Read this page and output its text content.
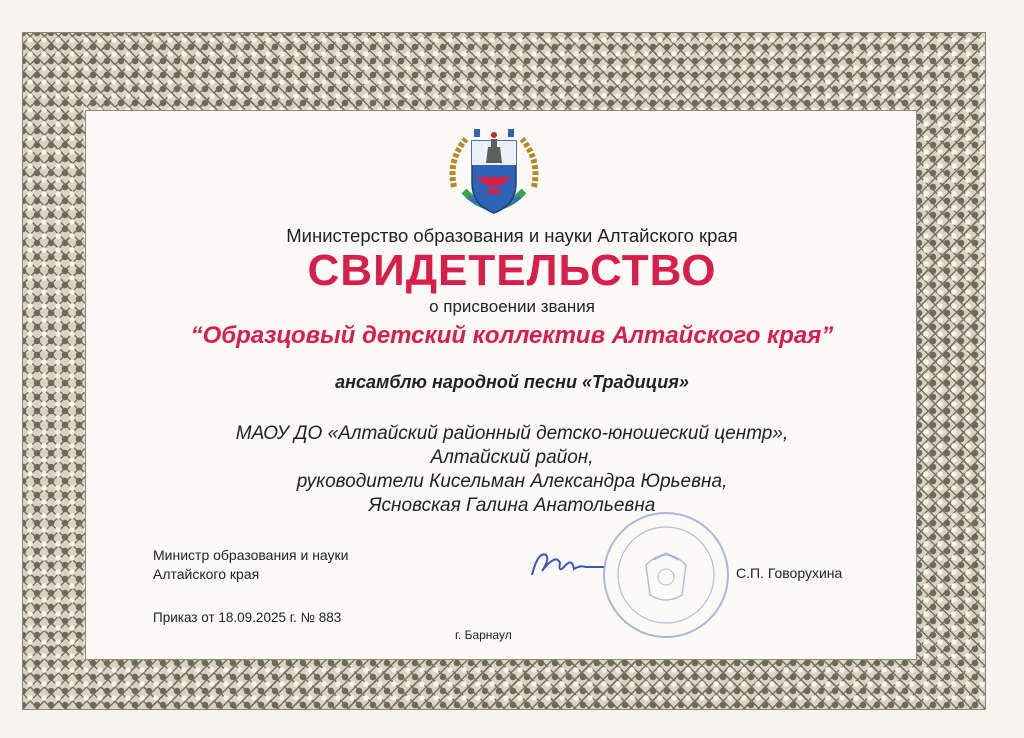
Министерство образования и науки Алтайского края
СВИДЕТЕЛЬСТВО
о присвоении звания
“Образцовый детский коллектив Алтайского края”
ансамблю народной песни «Традиция»
МАОУ ДО «Алтайский районный детско-юношеский центр»,
Алтайский район,
руководители Кисельман Александра Юрьевна,
Ясновская Галина Анатольевна
Министр образования и науки
Алтайского края	С.П. Говорухина
Приказ от 18.09.2025 г. № 883
г. Барнаул
